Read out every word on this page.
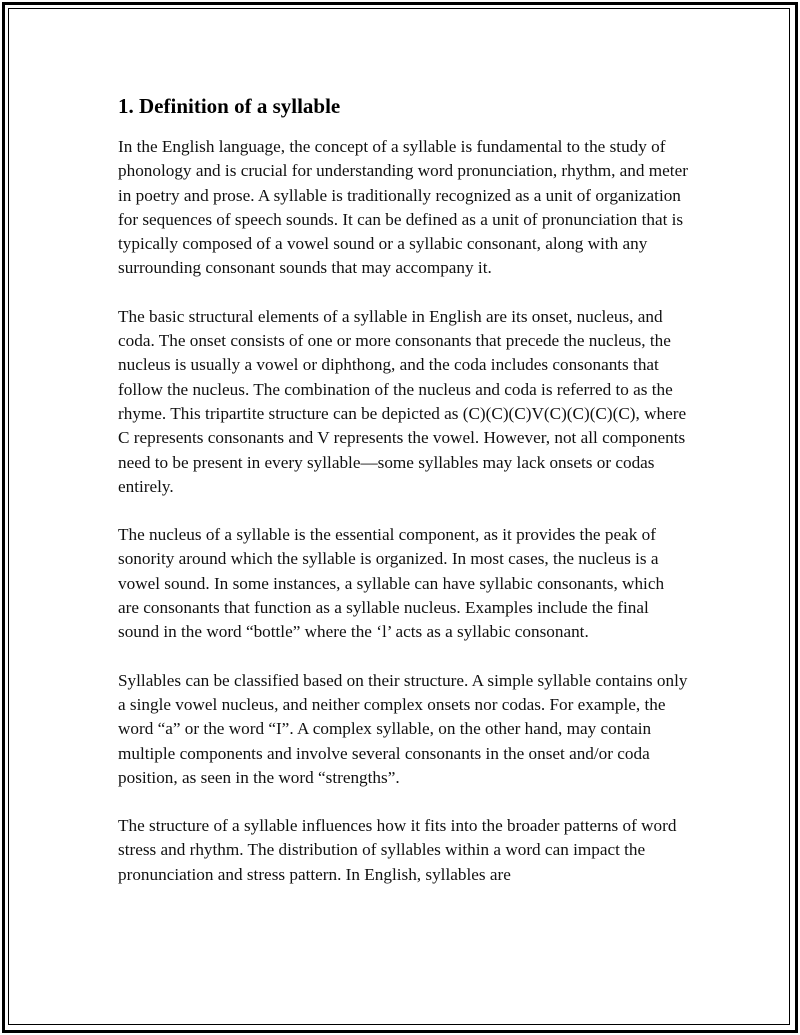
1. Definition of a syllable

In the English language, the concept of a syllable is fundamental to the study of phonology and is crucial for understanding word pronunciation, rhythm, and meter in poetry and prose. A syllable is traditionally recognized as a unit of organization for sequences of speech sounds. It can be defined as a unit of pronunciation that is typically composed of a vowel sound or a syllabic consonant, along with any surrounding consonant sounds that may accompany it.

The basic structural elements of a syllable in English are its onset, nucleus, and coda. The onset consists of one or more consonants that precede the nucleus, the nucleus is usually a vowel or diphthong, and the coda includes consonants that follow the nucleus. The combination of the nucleus and coda is referred to as the rhyme. This tripartite structure can be depicted as (C)(C)(C)V(C)(C)(C)(C), where C represents consonants and V represents the vowel. However, not all components need to be present in every syllable—some syllables may lack onsets or codas entirely.

The nucleus of a syllable is the essential component, as it provides the peak of sonority around which the syllable is organized. In most cases, the nucleus is a vowel sound. In some instances, a syllable can have syllabic consonants, which are consonants that function as a syllable nucleus. Examples include the final sound in the word “bottle” where the ‘l’ acts as a syllabic consonant.

Syllables can be classified based on their structure. A simple syllable contains only a single vowel nucleus, and neither complex onsets nor codas. For example, the word “a” or the word “I”. A complex syllable, on the other hand, may contain multiple components and involve several consonants in the onset and/or coda position, as seen in the word “strengths”.

The structure of a syllable influences how it fits into the broader patterns of word stress and rhythm. The distribution of syllables within a word can impact the pronunciation and stress pattern. In English, syllables are
